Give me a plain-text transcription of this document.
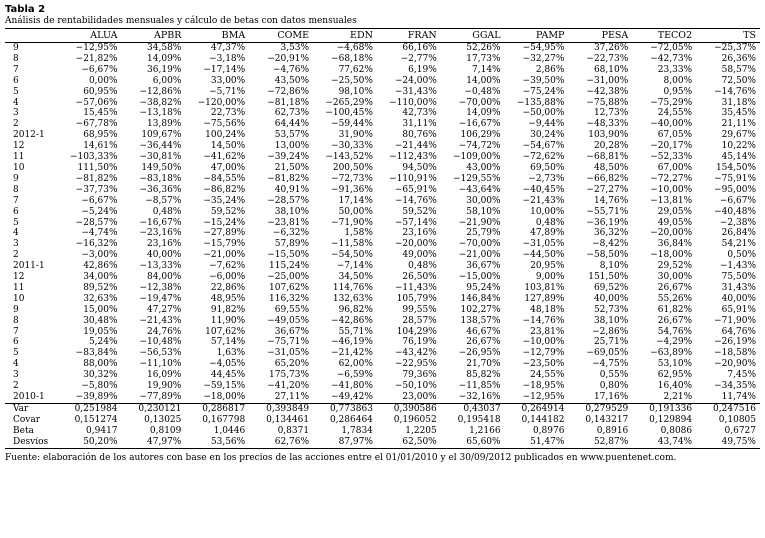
Tabla 2
Análisis de rentabilidades mensuales y cálculo de betas con datos mensuales
	ALUA	APBR	BMA	COME	EDN	FRAN	GGAL	PAMP	PESA	TECO2	TS
9	−12,95%	34,58%	47,37%	3,53%	−4,68%	66,16%	52,26%	−54,95%	37,26%	−72,05%	−25,37%
8	−21,82%	14,09%	−3,18%	−20,91%	−68,18%	−2,77%	17,73%	−32,27%	−22,73%	−42,73%	26,36%
7	−6,67%	36,19%	−17,14%	−4,76%	77,62%	6,19%	7,14%	2,86%	68,10%	23,33%	58,57%
6	0,00%	6,00%	33,00%	43,50%	−25,50%	−24,00%	14,00%	−39,50%	−31,00%	8,00%	72,50%
5	60,95%	−12,86%	−5,71%	−72,86%	98,10%	−31,43%	−0,48%	−75,24%	−42,38%	0,95%	−14,76%
4	−57,06%	−38,82%	−120,00%	−81,18%	−265,29%	−110,00%	−70,00%	−135,88%	−75,88%	−75,29%	31,18%
3	15,45%	−13,18%	22,73%	62,73%	−100,45%	42,73%	14,09%	−50,00%	12,73%	24,55%	35,45%
2	−67,78%	13,89%	−75,56%	64,44%	−59,44%	31,11%	−16,67%	−9,44%	−48,33%	−40,00%	21,11%
2012-1	68,95%	109,67%	100,24%	53,57%	31,90%	80,76%	106,29%	30,24%	103,90%	67,05%	29,67%
12	14,61%	−36,44%	14,50%	13,00%	−30,33%	−21,44%	−74,72%	−54,67%	20,28%	−20,17%	10,22%
11	−103,33%	−30,81%	−41,62%	−39,24%	−143,52%	−112,43%	−109,00%	−72,62%	−68,81%	−52,33%	45,14%
10	111,50%	149,50%	47,00%	21,50%	200,50%	94,50%	43,00%	69,50%	48,50%	67,00%	154,50%
9	−81,82%	−83,18%	−84,55%	−81,82%	−72,73%	−110,91%	−129,55%	−2,73%	−66,82%	−72,27%	−75,91%
8	−37,73%	−36,36%	−86,82%	40,91%	−91,36%	−65,91%	−43,64%	−40,45%	−27,27%	−10,00%	−95,00%
7	−6,67%	−8,57%	−35,24%	−28,57%	17,14%	−14,76%	30,00%	−21,43%	14,76%	−13,81%	−6,67%
6	−5,24%	0,48%	59,52%	38,10%	50,00%	59,52%	58,10%	10,00%	−55,71%	29,05%	−40,48%
5	−28,57%	−16,67%	−15,24%	−23,81%	−71,90%	−57,14%	−21,90%	0,48%	−36,19%	49,05%	−2,38%
4	−4,74%	−23,16%	−27,89%	−6,32%	1,58%	23,16%	25,79%	47,89%	36,32%	−20,00%	26,84%
3	−16,32%	23,16%	−15,79%	57,89%	−11,58%	−20,00%	−70,00%	−31,05%	−8,42%	36,84%	54,21%
2	−3,00%	40,00%	−21,00%	−15,50%	−54,50%	49,00%	−21,00%	−44,50%	−58,50%	−18,00%	0,50%
2011-1	42,86%	−13,33%	−7,62%	115,24%	−7,14%	0,48%	36,67%	20,95%	8,10%	29,52%	−1,43%
12	34,00%	84,00%	−6,00%	−25,00%	34,50%	26,50%	−15,00%	9,00%	151,50%	30,00%	75,50%
11	89,52%	−12,38%	22,86%	107,62%	114,76%	−11,43%	95,24%	103,81%	69,52%	26,67%	31,43%
10	32,63%	−19,47%	48,95%	116,32%	132,63%	105,79%	146,84%	127,89%	40,00%	55,26%	40,00%
9	15,00%	47,27%	91,82%	69,55%	96,82%	99,55%	102,27%	48,18%	52,73%	61,82%	65,91%
8	30,48%	−21,43%	11,90%	−49,05%	−42,86%	28,57%	138,57%	−14,76%	38,10%	26,67%	−71,90%
7	19,05%	24,76%	107,62%	36,67%	55,71%	104,29%	46,67%	23,81%	−2,86%	54,76%	64,76%
6	5,24%	−10,48%	57,14%	−75,71%	−46,19%	76,19%	26,67%	−10,00%	25,71%	−4,29%	−26,19%
5	−83,84%	−56,53%	1,63%	−31,05%	−21,42%	−43,42%	−26,95%	−12,79%	−69,05%	−63,89%	−18,58%
4	88,00%	−11,10%	−4,05%	65,20%	62,00%	−22,95%	21,70%	−23,50%	−4,75%	53,10%	−20,90%
3	30,32%	16,09%	44,45%	175,73%	−6,59%	79,36%	85,82%	24,55%	0,55%	62,95%	7,45%
2	−5,80%	19,90%	−59,15%	−41,20%	−41,80%	−50,10%	−11,85%	−18,95%	0,80%	16,40%	−34,35%
2010-1	−39,89%	−77,89%	−18,00%	27,11%	−49,42%	23,00%	−32,16%	−12,95%	17,16%	2,21%	11,74%
Var	0,251984	0,230121	0,286817	0,393849	0,773863	0,390586	0,43037	0,264914	0,279529	0,191336	0,247516
Covar	0,151274	0,13025	0,167798	0,134461	0,286464	0,196052	0,195418	0,144182	0,143217	0,129894	0,10805
Beta	0,9417	0,8109	1,0446	0,8371	1,7834	1,2205	1,2166	0,8976	0,8916	0,8086	0,6727
Desvíos	50,20%	47,97%	53,56%	62,76%	87,97%	62,50%	65,60%	51,47%	52,87%	43,74%	49,75%
Fuente: elaboración de los autores con base en los precios de las acciones entre el 01/01/2010 y el 30/09/2012 publicados en www.puentenet.com.
